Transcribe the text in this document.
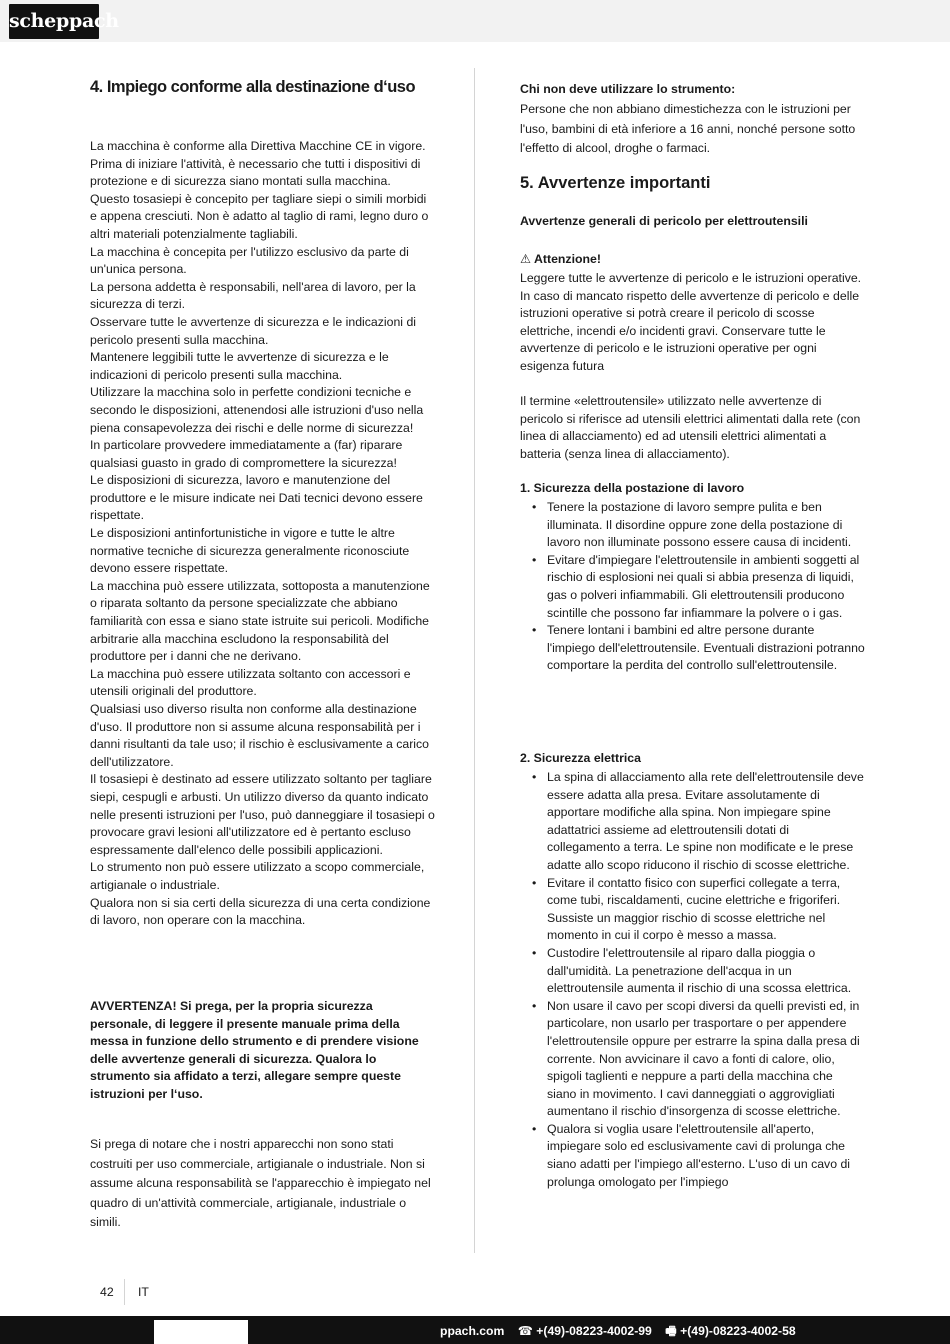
scheppach
4. Impiego conforme alla destinazione d‘uso

La macchina è conforme alla Direttiva Macchine CE in vigore.

Prima di iniziare l'attività, è necessario che tutti i dispositivi di protezione e di sicurezza siano montati sulla macchina.

Questo tosasiepi è concepito per tagliare siepi o simili morbidi e appena cresciuti. Non è adatto al taglio di rami, legno duro o altri materiali potenzialmente tagliabili.

La macchina è concepita per l'utilizzo esclusivo da parte di un'unica persona.

La persona addetta è responsabili, nell'area di lavoro, per la sicurezza di terzi.

Osservare tutte le avvertenze di sicurezza e le indicazioni di pericolo presenti sulla macchina.

Mantenere leggibili tutte le avvertenze di sicurezza e le indicazioni di pericolo presenti sulla macchina.

Utilizzare la macchina solo in perfette condizioni tecniche e secondo le disposizioni, attenendosi alle istruzioni d'uso nella piena consapevolezza dei rischi e delle norme di sicurezza!

In particolare provvedere immediatamente a (far) riparare qualsiasi guasto in grado di compromettere la sicurezza!

Le disposizioni di sicurezza, lavoro e manutenzione del produttore e le misure indicate nei Dati tecnici devono essere rispettate.

Le disposizioni antinfortunistiche in vigore e tutte le altre normative tecniche di sicurezza generalmente riconosciute devono essere rispettate.

La macchina può essere utilizzata, sottoposta a manutenzione o riparata soltanto da persone specializzate che abbiano familiarità con essa e siano state istruite sui pericoli. Modifiche arbitrarie alla macchina escludono la responsabilità del produttore per i danni che ne derivano.

La macchina può essere utilizzata soltanto con accessori e utensili originali del produttore.

Qualsiasi uso diverso risulta non conforme alla destinazione d'uso. Il produttore non si assume alcuna responsabilità per i danni risultanti da tale uso; il rischio è esclusivamente a carico dell'utilizzatore.

Il tosasiepi è destinato ad essere utilizzato soltanto per tagliare siepi, cespugli e arbusti. Un utilizzo diverso da quanto indicato nelle presenti istruzioni per l'uso, può danneggiare il tosasiepi o provocare gravi lesioni all'utilizzatore ed è pertanto escluso espressamente dall'elenco delle possibili applicazioni.

Lo strumento non può essere utilizzato a scopo commerciale, artigianale o industriale.

Qualora non si sia certi della sicurezza di una certa condizione di lavoro, non operare con la macchina.

AVVERTENZA! Si prega, per la propria sicurezza personale, di leggere il presente manuale prima della messa in funzione dello strumento e di prendere visione delle avvertenze generali di sicurezza. Qualora lo strumento sia affidato a terzi, allegare sempre queste istruzioni per l‘uso.

Si prega di notare che i nostri apparecchi non sono stati costruiti per uso commerciale, artigianale o industriale. Non si assume alcuna responsabilità se l'apparecchio è impiegato nel quadro di un'attività commerciale, artigianale, industriale o simili.

Chi non deve utilizzare lo strumento:
Persone che non abbiano dimestichezza con le istruzioni per l'uso, bambini di età inferiore a 16 anni, nonché persone sotto l'effetto di alcool, droghe o farmaci.
5. Avvertenze importanti
Avvertenze generali di pericolo per elettroutensili
⚠ Attenzione!
Leggere tutte le avvertenze di pericolo e le istruzioni operative. In caso di mancato rispetto delle avvertenze di pericolo e delle istruzioni operative si potrà creare il pericolo di scosse elettriche, incendi e/o incidenti gravi. Conservare tutte le avvertenze di pericolo e le istruzioni operative per ogni esigenza futura
Il termine «elettroutensile» utilizzato nelle avvertenze di pericolo si riferisce ad utensili elettrici alimentati dalla rete (con linea di allacciamento) ed ad utensili elettrici alimentati a batteria (senza linea di allacciamento).
1. Sicurezza della postazione di lavoro
• Tenere la postazione di lavoro sempre pulita e ben illuminata. Il disordine oppure zone della postazione di lavoro non illuminate possono essere causa di incidenti.
• Evitare d'impiegare l'elettroutensile in ambienti soggetti al rischio di esplosioni nei quali si abbia presenza di liquidi, gas o polveri infiammabili. Gli elettroutensili producono scintille che possono far infiammare la polvere o i gas.
• Tenere lontani i bambini ed altre persone durante l'impiego dell'elettroutensile. Eventuali distrazioni potranno comportare la perdita del controllo sull'elettroutensile.
2. Sicurezza elettrica
• La spina di allacciamento alla rete dell'elettroutensile deve essere adatta alla presa. Evitare assolutamente di apportare modifiche alla spina. Non impiegare spine adattatrici assieme ad elettroutensili dotati di collegamento a terra. Le spine non modificate e le prese adatte allo scopo riducono il rischio di scosse elettriche.
• Evitare il contatto fisico con superfici collegate a terra, come tubi, riscaldamenti, cucine elettriche e frigoriferi. Sussiste un maggior rischio di scosse elettriche nel momento in cui il corpo è messo a massa.
• Custodire l'elettroutensile al riparo dalla pioggia o dall'umidità. La penetrazione dell'acqua in un elettroutensile aumenta il rischio di una scossa elettrica.
• Non usare il cavo per scopi diversi da quelli previsti ed, in particolare, non usarlo per trasportare o per appendere l'elettroutensile oppure per estrarre la spina dalla presa di corrente. Non avvicinare il cavo a fonti di calore, olio, spigoli taglienti e neppure a parti della macchina che siano in movimento. I cavi danneggiati o aggrovigliati aumentano il rischio d'insorgenza di scosse elettriche.
• Qualora si voglia usare l'elettroutensile all'aperto, impiegare solo ed esclusivamente cavi di prolunga che siano adatti per l'impiego all'esterno. L'uso di un cavo di prolunga omologato per l'impiego
42 IT
ppach.com ☎ +(49)-08223-4002-99 🖷 +(49)-08223-4002-58
